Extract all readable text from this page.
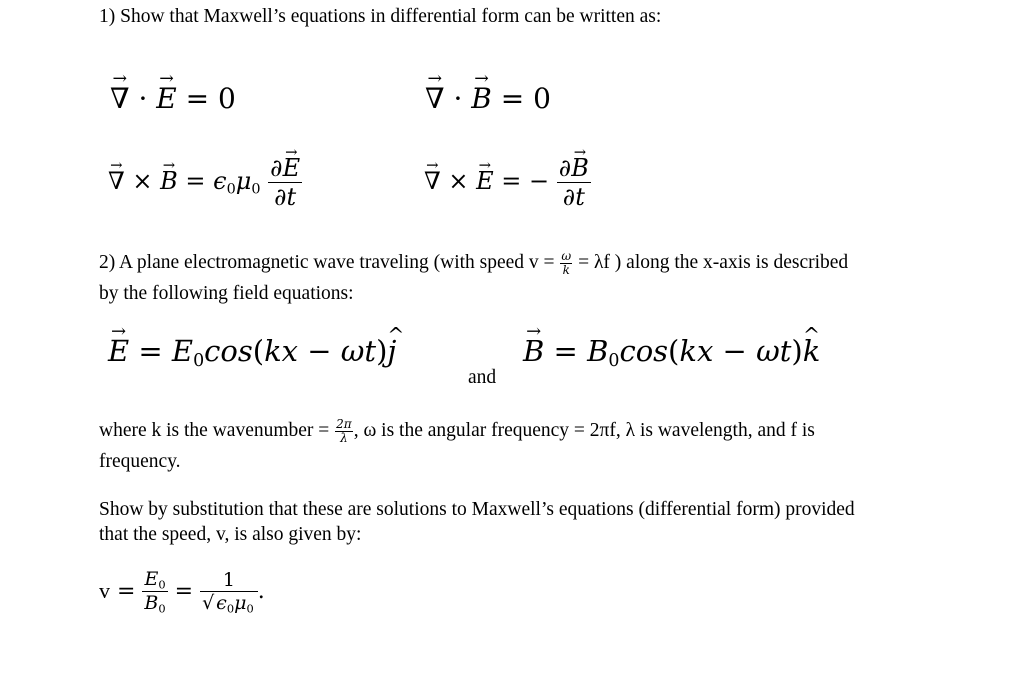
1) Show that Maxwell’s equations in differential form can be written as:
→ ∇ · → E = 0	→ ∇ · → B = 0
→ ∇ × → $B = \epsilon_0\mu_0 \frac{\partial\to E}{\partial t}$	→ ∇ × → E = − $\frac{\partial\to B}{\partial t}$
2) A plane electromagnetic wave traveling (with speed $v = \frac{\omega}{k} = \lambda f$ ) along the x-axis is described
by the following field equations:
→ $E = E_0\cos(kx$ − ωt)^ j
and
→ $B = B_0\cos(kx$ − ωt)^ k
where k is the wavenumber = $\frac{2\pi}{\lambda}$ , ω is the angular frequency = 2πf, λ is wavelength, and f is
frequency.
Show by substitution that these are solutions to Maxwell’s equations (differential form) provided
that the speed, v, is also given by:
$v = \frac{E_0}{B_0} = \frac{1}{√ \epsilon_0\mu_0}$ .
